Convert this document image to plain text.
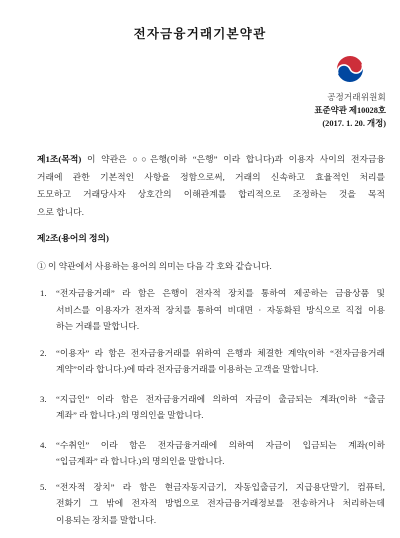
전자금융거래기본약관
공정거래위원회
표준약관 제10028호
(2017. 1. 20. 개정)
제1조(목적) 이 약관은 ○○은행(이하 “은행” 이라 합니다)과 이용자 사이의 전자금융
거래에 관한 기본적인 사항을 정함으로써, 거래의 신속하고 효율적인 처리를
도모하고 거래당사자 상호간의 이해관계를 합리적으로 조정하는 것을 목적
으로 합니다.
제2조(용어의 정의)
① 이 약관에서 사용하는 용어의 의미는 다음 각 호와 같습니다.
1. “전자금융거래” 라 함은 은행이 전자적 장치를 통하여 제공하는 금융상품 및
서비스를 이용자가 전자적 장치를 통하여 비대면 · 자동화된 방식으로 직접 이용
하는 거래를 말합니다.
2. “이용자” 라 함은 전자금융거래를 위하여 은행과 체결한 계약(이하 “전자금융거래
계약”이라 합니다.)에 따라 전자금융거래를 이용하는 고객을 말합니다.
3. “지급인” 이라 함은 전자금융거래에 의하여 자금이 출금되는 계좌(이하 “출금
계좌” 라 합니다.)의 명의인을 말합니다.
4. “수취인” 이라 함은 전자금융거래에 의하여 자금이 입금되는 계좌(이하
“입금계좌” 라 합니다.)의 명의인을 말합니다.
5. “전자적 장치” 라 함은 현금자동지급기, 자동입출금기, 지급용단말기, 컴퓨터,
전화기 그 밖에 전자적 방법으로 전자금융거래정보를 전송하거나 처리하는데
이용되는 장치를 말합니다.
